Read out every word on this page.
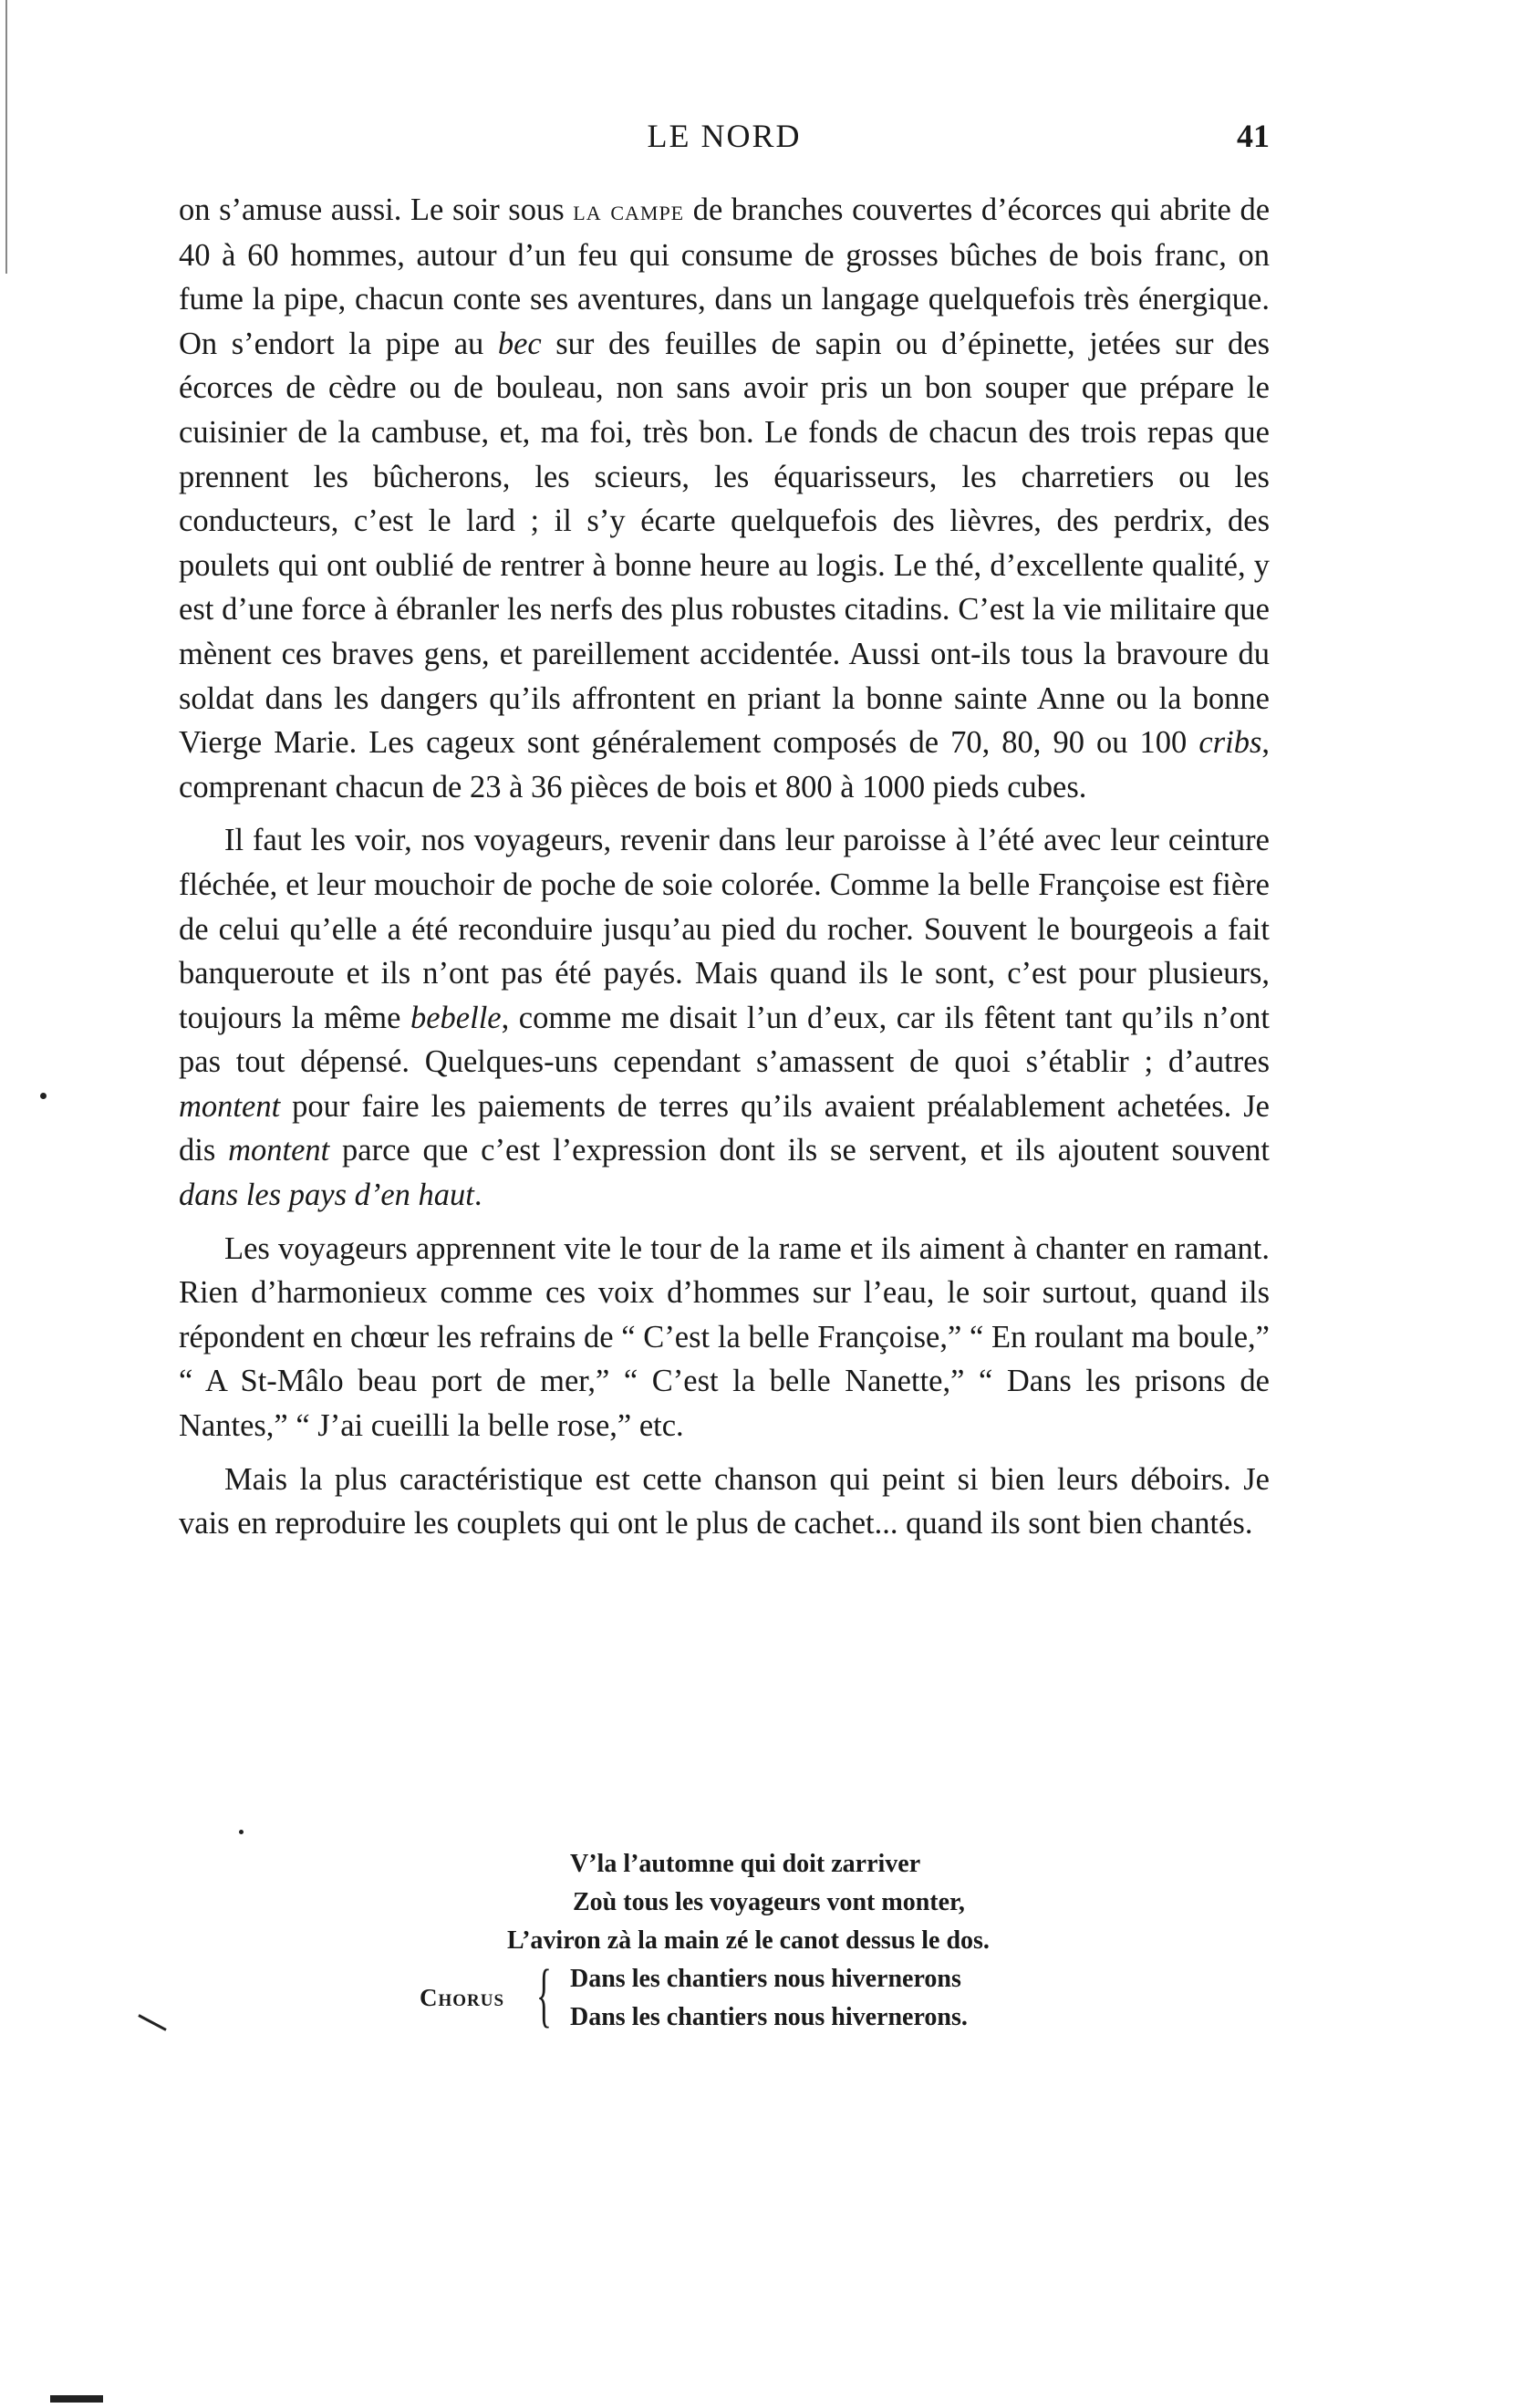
LE NORD	41

on s’amuse aussi. Le soir sous la campe de branches couvertes d’écorces qui abrite de 40 à 60 hommes, autour d’un feu qui consume de grosses bûches de bois franc, on fume la pipe, chacun conte ses aventures, dans un langage quelquefois très énergique. On s’endort la pipe au bec sur des feuilles de sapin ou d’épinette, jetées sur des écorces de cèdre ou de bouleau, non sans avoir pris un bon souper que prépare le cuisinier de la cambuse, et, ma foi, très bon. Le fonds de chacun des trois repas que prennent les bûcherons, les scieurs, les équarisseurs, les charretiers ou les conducteurs, c’est le lard ; il s’y écarte quelquefois des lièvres, des perdrix, des poulets qui ont oublié de rentrer à bonne heure au logis. Le thé, d’excellente qualité, y est d’une force à ébranler les nerfs des plus robustes citadins. C’est la vie militaire que mènent ces braves gens, et pareillement accidentée. Aussi ont-ils tous la bravoure du soldat dans les dangers qu’ils affrontent en priant la bonne sainte Anne ou la bonne Vierge Marie. Les cageux sont généralement composés de 70, 80, 90 ou 100 cribs, comprenant chacun de 23 à 36 pièces de bois et 800 à 1000 pieds cubes.

Il faut les voir, nos voyageurs, revenir dans leur paroisse à l’été avec leur ceinture fléchée, et leur mouchoir de poche de soie colorée. Comme la belle Françoise est fière de celui qu’elle a été reconduire jusqu’au pied du rocher. Souvent le bourgeois a fait banqueroute et ils n’ont pas été payés. Mais quand ils le sont, c’est pour plusieurs, toujours la même bebelle, comme me disait l’un d’eux, car ils fêtent tant qu’ils n’ont pas tout dépensé. Quelques-uns cependant s’amassent de quoi s’établir ; d’autres montent pour faire les paiements de terres qu’ils avaient préalablement achetées. Je dis montent parce que c’est l’expression dont ils se servent, et ils ajoutent souvent dans les pays d’en haut.

Les voyageurs apprennent vite le tour de la rame et ils aiment à chanter en ramant. Rien d’harmonieux comme ces voix d’hommes sur l’eau, le soir surtout, quand ils répondent en chœur les refrains de “ C’est la belle Françoise,” “ En roulant ma boule,” “ A St-Mâlo beau port de mer,” “ C’est la belle Nanette,” “ Dans les prisons de Nantes,” “ J’ai cueilli la belle rose,” etc.

Mais la plus caractéristique est cette chanson qui peint si bien leurs déboirs. Je vais en reproduire les couplets qui ont le plus de cachet... quand ils sont bien chantés.

V’la l’automne qui doit zarriver
Zoù tous les voyageurs vont monter,
L’aviron zà la main zé le canot dessus le dos.
Chorus { Dans les chantiers nous hivernerons
Dans les chantiers nous hivernerons.
